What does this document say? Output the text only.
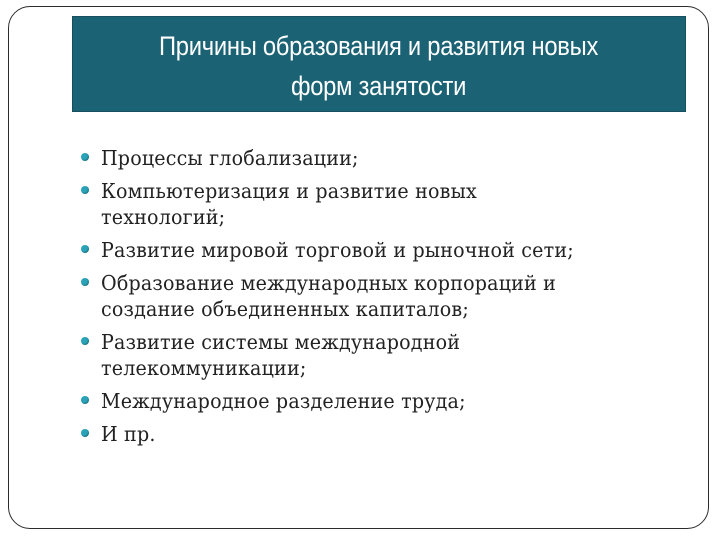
Причины образования и развития новых
форм занятости
Процессы глобализации;
Компьютеризация и развитие новых
технологий;
Развитие мировой торговой и рыночной сети;
Образование международных корпораций и
создание объединенных капиталов;
Развитие системы международной
телекоммуникации;
Международное разделение труда;
И пр.
